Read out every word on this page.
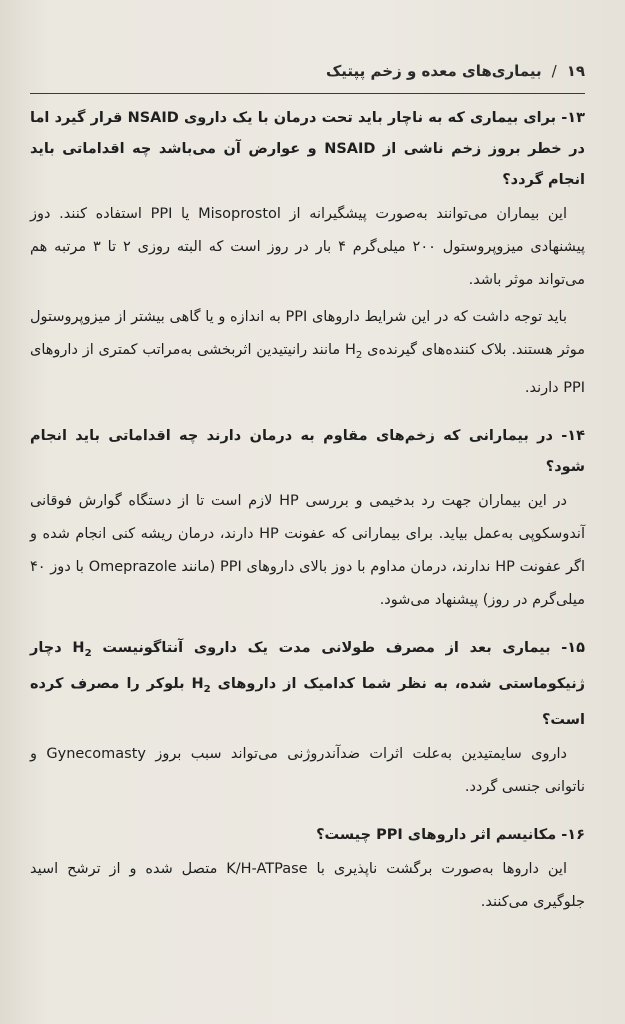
۱۹
/
بیماری‌های معده و زخم پپتیک
۱۳- برای بیماری که به ناچار باید تحت درمان با یک داروی NSAID قرار گیرد اما در خطر بروز زخم ناشی از NSAID و عوارض آن می‌باشد چه اقداماتی باید انجام گردد؟
این بیماران می‌توانند به‌صورت پیشگیرانه از Misoprostol یا PPI استفاده کنند. دوز پیشنهادی میزوپروستول ۲۰۰ میلی‌گرم ۴ بار در روز است که البته روزی ۲ تا ۳ مرتبه هم می‌تواند موثر باشد.
باید توجه داشت که در این شرایط داروهای PPI به اندازه و یا گاهی بیشتر از میزوپروستول موثر هستند. بلاک کننده‌های گیرنده‌ی $H_2$ مانند رانیتیدین اثربخشی به‌مراتب کمتری از داروهای PPI دارند.
۱۴- در بیمارانی که زخم‌های مقاوم به درمان دارند چه اقداماتی باید انجام شود؟
در این بیماران جهت رد بدخیمی و بررسی HP لازم است تا از دستگاه گوارش فوقانی آندوسکوپی به‌عمل بیاید. برای بیمارانی که عفونت HP دارند، درمان ریشه کنی انجام شده و اگر عفونت HP ندارند، درمان مداوم با دوز بالای داروهای PPI (مانند Omeprazole با دوز ۴۰ میلی‌گرم در روز) پیشنهاد می‌شود.
۱۵- بیماری بعد از مصرف طولانی مدت یک داروی آنتاگونیست $H_2$ دچار ژنیکوماستی شده، به نظر شما کدامیک از داروهای $H_2$ بلوکر را مصرف کرده است؟
داروی سایمتیدین به‌علت اثرات ضدآندروژنی می‌تواند سبب بروز Gynecomasty و ناتوانی جنسی گردد.
۱۶- مکانیسم اثر داروهای PPI چیست؟
این داروها به‌صورت برگشت ناپذیری با K/H-ATPase متصل شده و از ترشح اسید جلوگیری می‌کنند.
